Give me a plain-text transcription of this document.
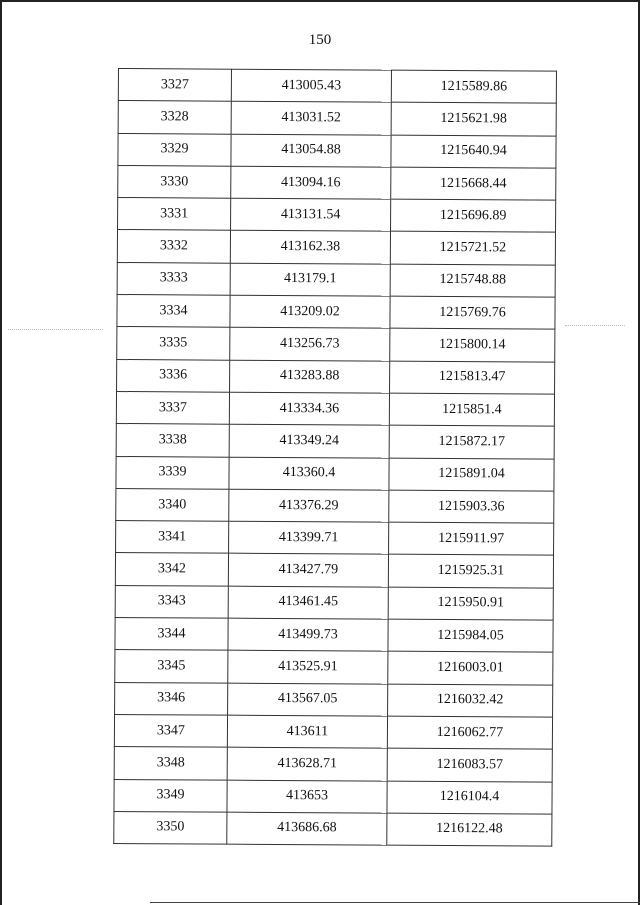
150
3327	413005.43	1215589.86
3328	413031.52	1215621.98
3329	413054.88	1215640.94
3330	413094.16	1215668.44
3331	413131.54	1215696.89
3332	413162.38	1215721.52
3333	413179.1	1215748.88
3334	413209.02	1215769.76
3335	413256.73	1215800.14
3336	413283.88	1215813.47
3337	413334.36	1215851.4
3338	413349.24	1215872.17
3339	413360.4	1215891.04
3340	413376.29	1215903.36
3341	413399.71	1215911.97
3342	413427.79	1215925.31
3343	413461.45	1215950.91
3344	413499.73	1215984.05
3345	413525.91	1216003.01
3346	413567.05	1216032.42
3347	413611	1216062.77
3348	413628.71	1216083.57
3349	413653	1216104.4
3350	413686.68	1216122.48
